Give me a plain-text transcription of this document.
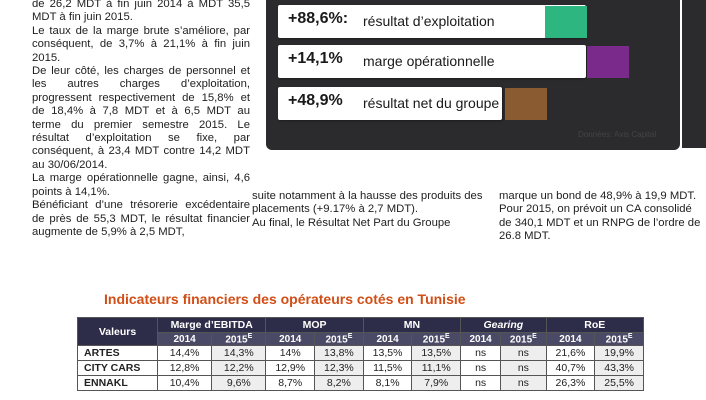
de 26,2 MDT à fin juin 2014 à MDT 35,5 MDT à fin juin 2015.

Le taux de la marge brute s’améliore, par conséquent, de 3,7% à 21,1% à fin juin 2015.

De leur côté, les charges de personnel et les autres charges d’exploitation, progressent respectivement de 15,8% et de 18,4% à 7,8 MDT et à 6,5 MDT au terme du premier semestre 2015. Le résultat d’exploitation se fixe, par conséquent, à 23,4 MDT contre 14,2 MDT au 30/06/2014.

La marge opérationnelle gagne, ainsi, 4,6 points à 14,1%.

Bénéficiant d’une trésorerie excédentaire de près de 55,3 MDT, le résultat financier augmente de 5,9% à 2,5 MDT,

+88,6%: résultat d’exploitation
+14,1% marge opérationnelle
+48,9% résultat net du groupe
Données: Axis Capital

suite notamment à la hausse des produits des placements (+9.17% à 2,7 MDT).

Au final, le Résultat Net Part du Groupe

marque un bond de 48,9% à 19,9 MDT.

Pour 2015, on prévoit un CA consolidé de 340,1 MDT et un RNPG de l’ordre de 26.8 MDT.

Indicateurs financiers des opérateurs cotés en Tunisie
Valeurs	Marge d’EBITDA		MOP		MN		Gearing		RoE	
	2014	$2015^E$	2014	$2015^E$	2014	$2015^E$	2014	$2015^E$	2014	$2015^E$
ARTES	14,4%	14,3%	14%	13,8%	13,5%	13,5%	ns	ns	21,6%	19,9%
CITY CARS	12,8%	12,2%	12,9%	12,3%	11,5%	11,1%	ns	ns	40,7%	43,3%
ENNAKL	10,4%	9,6%	8,7%	8,2%	8,1%	7,9%	ns	ns	26,3%	25,5%
